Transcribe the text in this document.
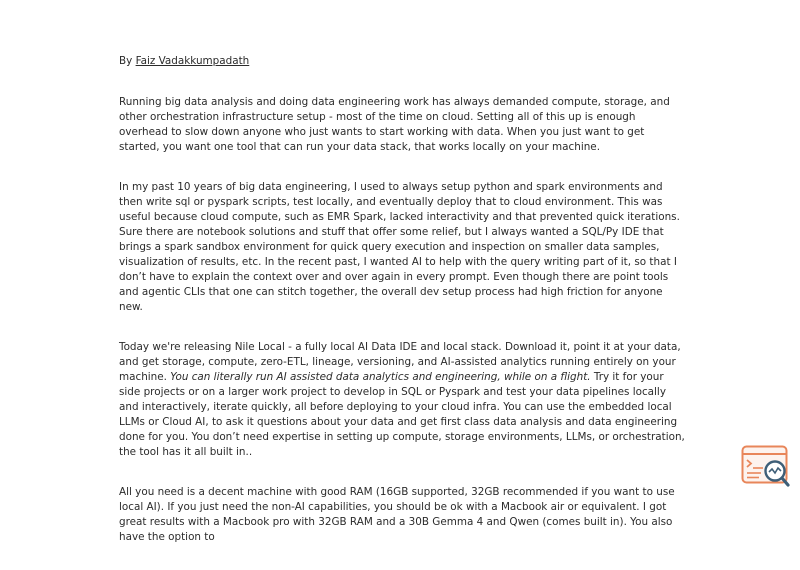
By Faiz Vadakkumpadath

Running big data analysis and doing data engineering work has always demanded compute, storage, and other orchestration infrastructure setup - most of the time on cloud. Setting all of this up is enough overhead to slow down anyone who just wants to start working with data. When you just want to get started, you want one tool that can run your data stack, that works locally on your machine.

In my past 10 years of big data engineering, I used to always setup python and spark environments and then write sql or pyspark scripts, test locally, and eventually deploy that to cloud environment. This was useful because cloud compute, such as EMR Spark, lacked interactivity and that prevented quick iterations. Sure there are notebook solutions and stuff that offer some relief, but I always wanted a SQL/Py IDE that brings a spark sandbox environment for quick query execution and inspection on smaller data samples, visualization of results, etc. In the recent past, I wanted AI to help with the query writing part of it, so that I don’t have to explain the context over and over again in every prompt. Even though there are point tools and agentic CLIs that one can stitch together, the overall dev setup process had high friction for anyone new.

Today we're releasing Nile Local - a fully local AI Data IDE and local stack. Download it, point it at your data, and get storage, compute, zero-ETL, lineage, versioning, and AI-assisted analytics running entirely on your machine. You can literally run AI assisted data analytics and engineering, while on a flight. Try it for your side projects or on a larger work project to develop in SQL or Pyspark and test your data pipelines locally and interactively, iterate quickly, all before deploying to your cloud infra. You can use the embedded local LLMs or Cloud AI, to ask it questions about your data and get first class data analysis and data engineering done for you. You don’t need expertise in setting up compute, storage environments, LLMs, or orchestration, the tool has it all built in..

All you need is a decent machine with good RAM (16GB supported, 32GB recommended if you want to use local AI). If you just need the non-AI capabilities, you should be ok with a Macbook air or equivalent. I got great results with a Macbook pro with 32GB RAM and a 30B Gemma 4 and Qwen (comes built in). You also have the option to
